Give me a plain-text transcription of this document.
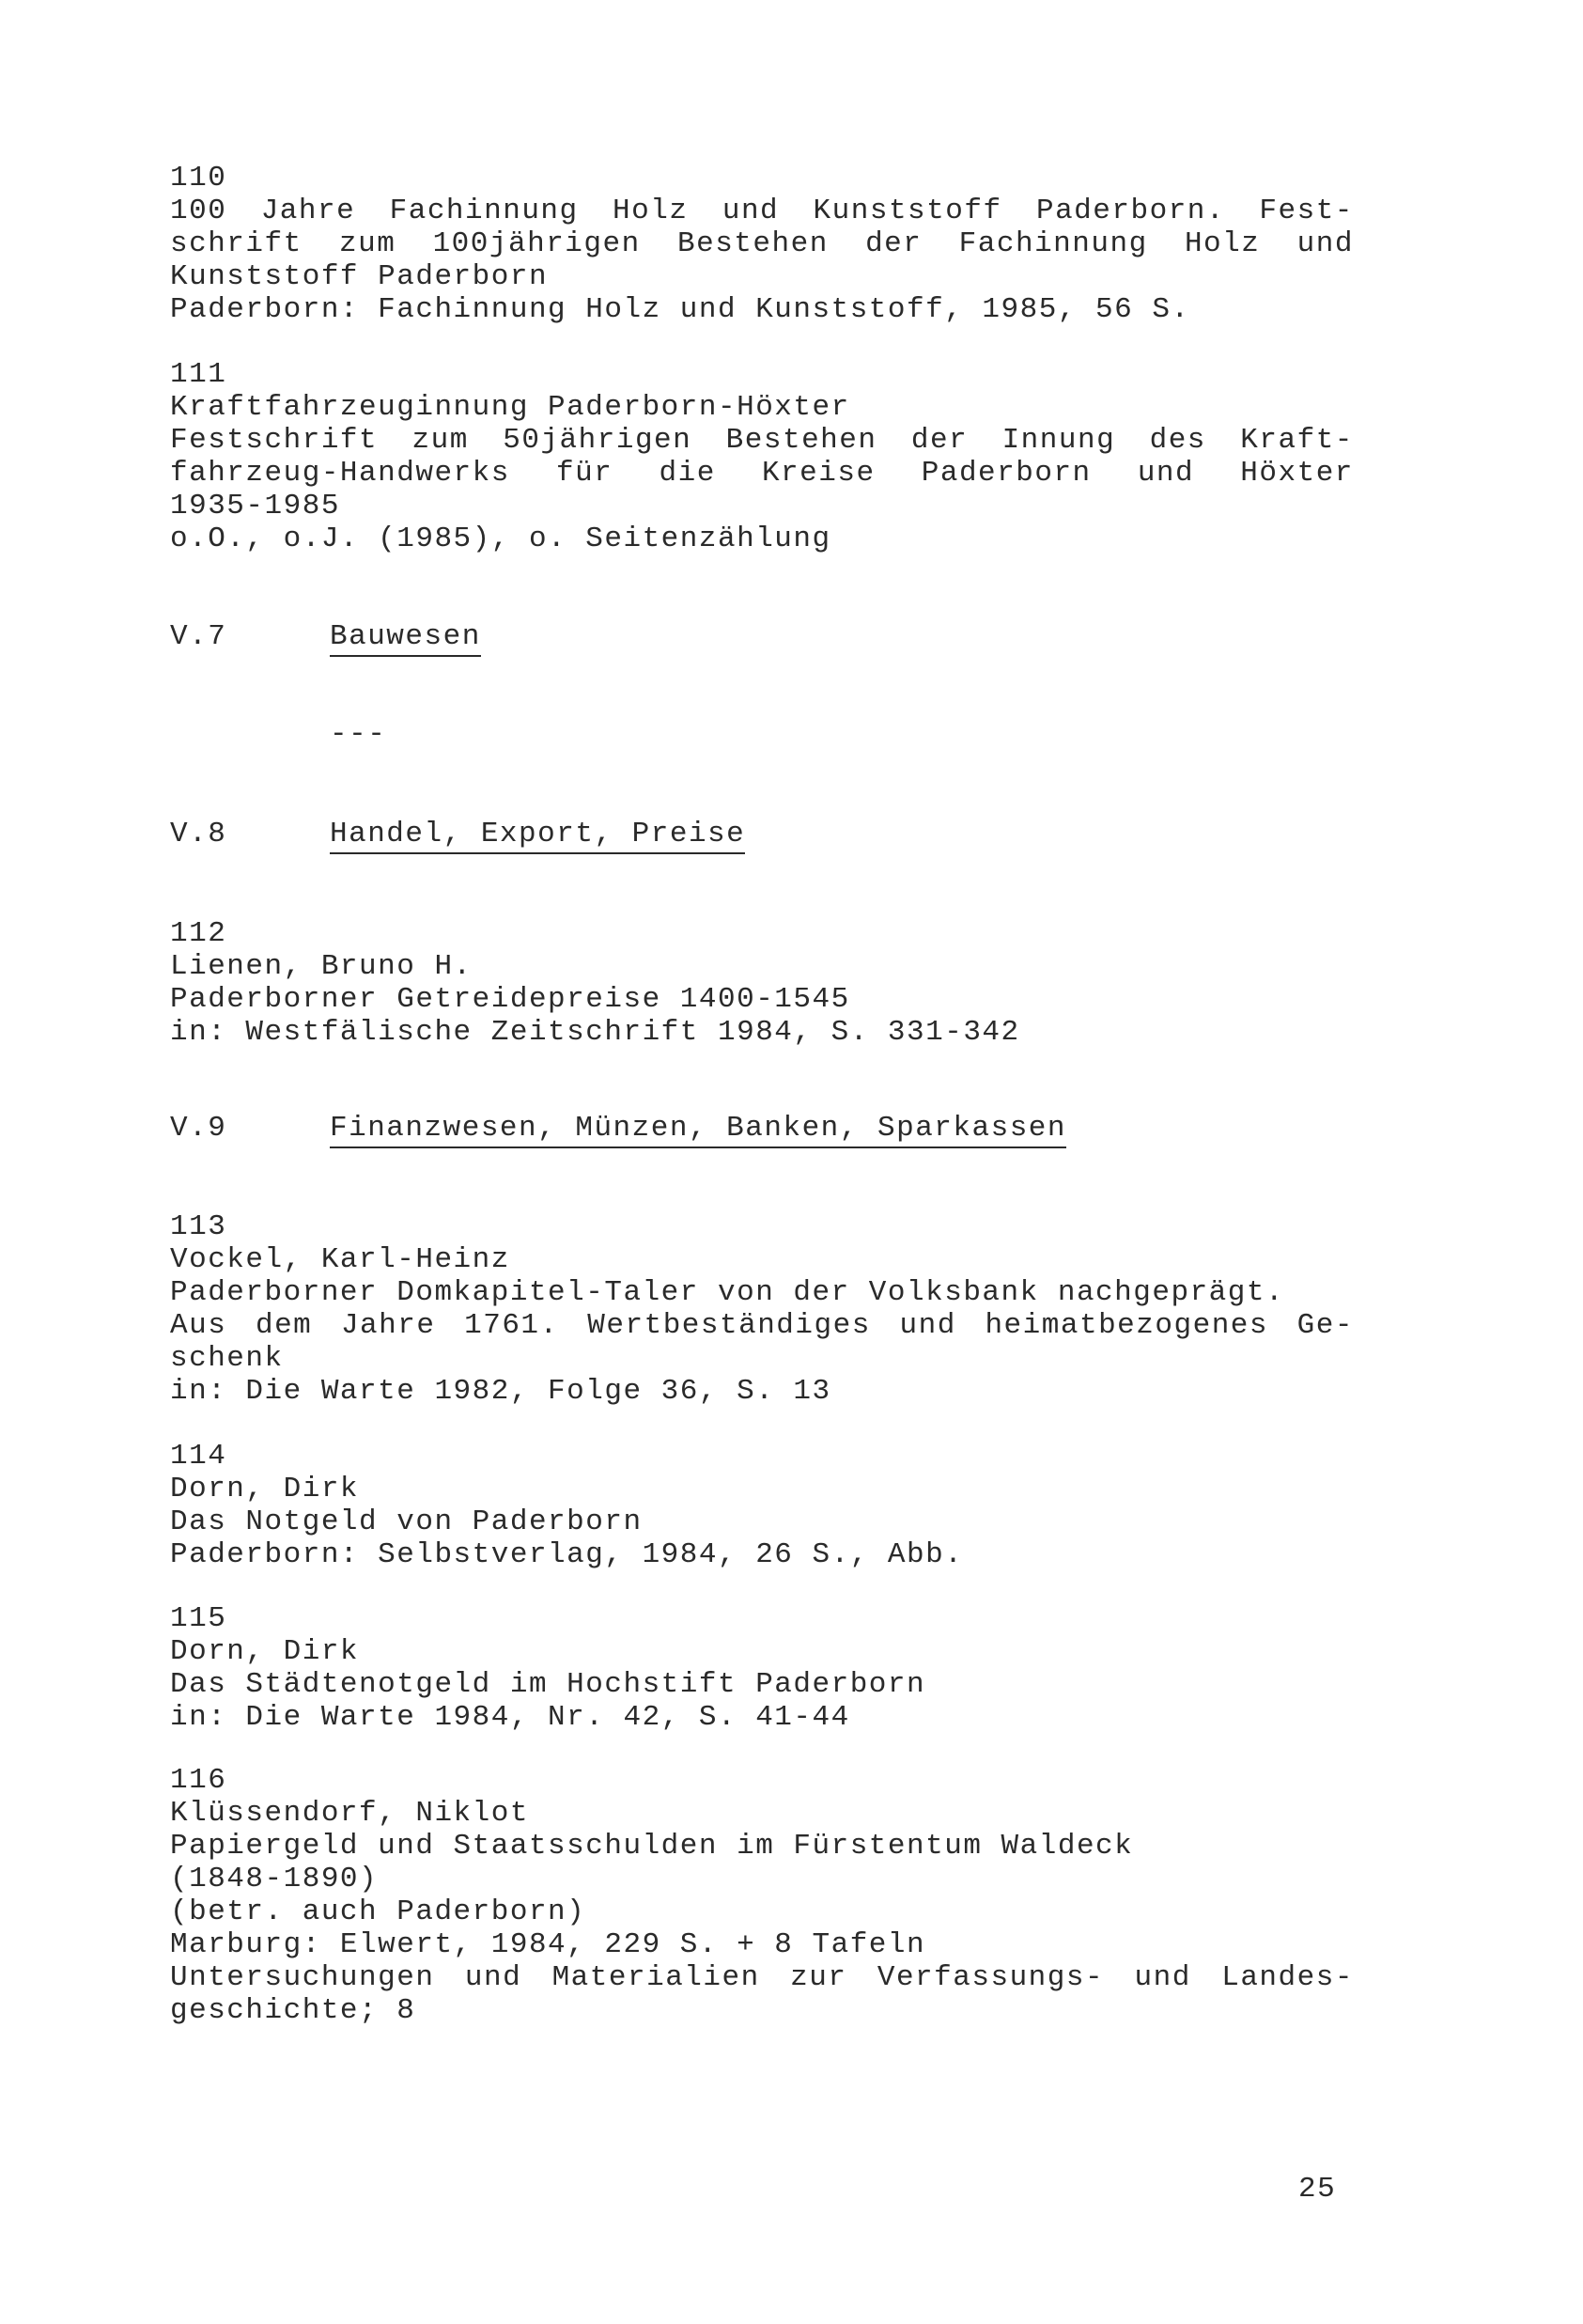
110
100 Jahre Fachinnung Holz und Kunststoff Paderborn. Fest-
schrift zum 100jährigen Bestehen der Fachinnung Holz und
Kunststoff Paderborn
Paderborn: Fachinnung Holz und Kunststoff, 1985, 56 S.
111
Kraftfahrzeuginnung Paderborn-Höxter
Festschrift zum 50jährigen Bestehen der Innung des Kraft-
fahrzeug-Handwerks für die Kreise Paderborn und Höxter
1935-1985
o.O., o.J. (1985), o. Seitenzählung

V.7

	Bauwesen

---

V.8

	Handel, Export, Preise

112
Lienen, Bruno H.
Paderborner Getreidepreise 1400-1545
in: Westfälische Zeitschrift 1984, S. 331-342

V.9

	Finanzwesen, Münzen, Banken, Sparkassen

113
Vockel, Karl-Heinz
Paderborner Domkapitel-Taler von der Volksbank nachgeprägt.
Aus dem Jahre 1761. Wertbeständiges und heimatbezogenes Ge-
schenk
in: Die Warte 1982, Folge 36, S. 13
114
Dorn, Dirk
Das Notgeld von Paderborn
Paderborn: Selbstverlag, 1984, 26 S., Abb.
115
Dorn, Dirk
Das Städtenotgeld im Hochstift Paderborn
in: Die Warte 1984, Nr. 42, S. 41-44
116
Klüssendorf, Niklot
Papiergeld und Staatsschulden im Fürstentum Waldeck
(1848-1890)
(betr. auch Paderborn)
Marburg: Elwert, 1984, 229 S. + 8 Tafeln
Untersuchungen und Materialien zur Verfassungs- und Landes-
geschichte; 8
25
